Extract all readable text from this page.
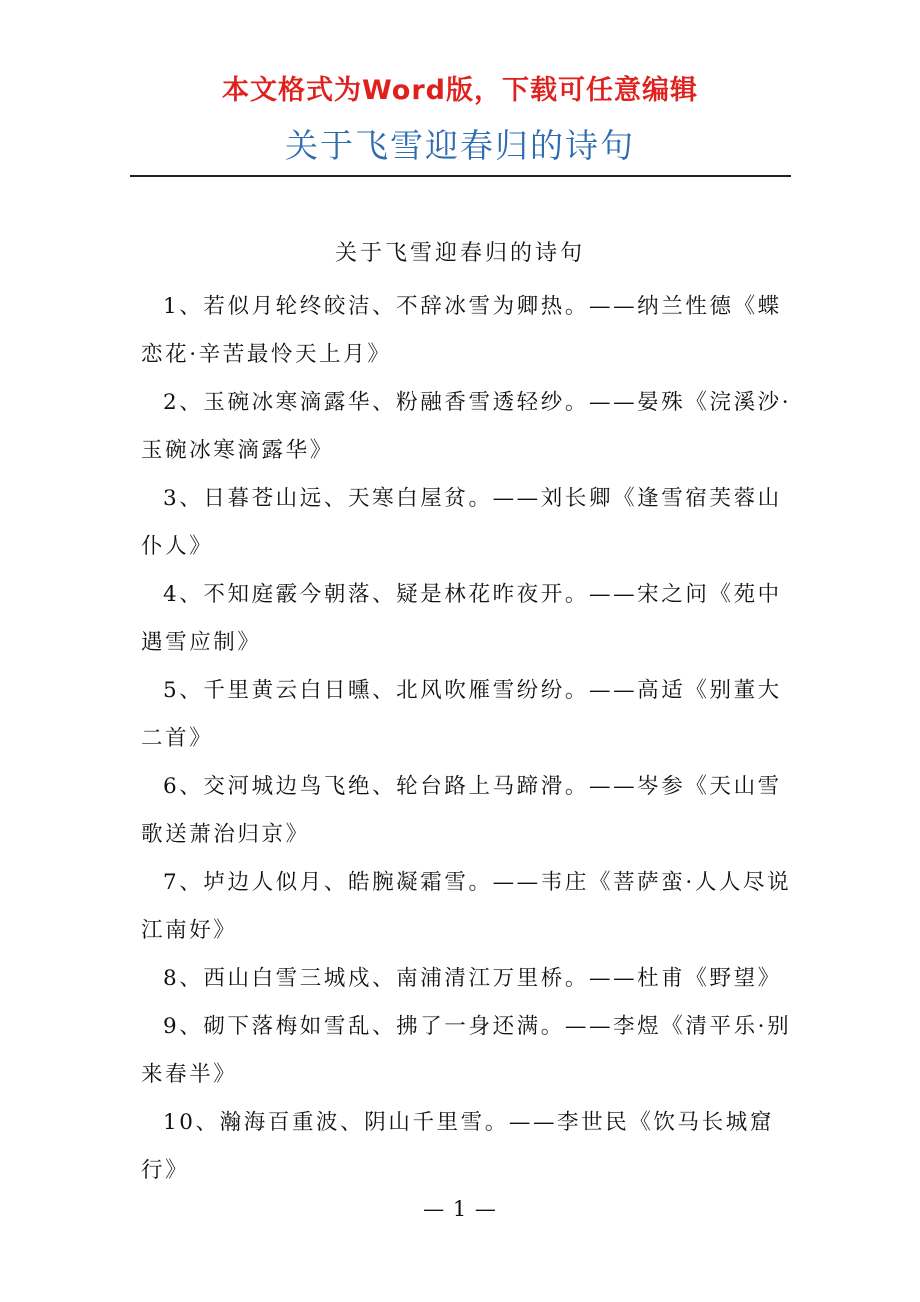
本文格式为Word版，下载可任意编辑
关于飞雪迎春归的诗句
关于飞雪迎春归的诗句
1、若似月轮终皎洁、不辞冰雪为卿热。——纳兰性德《蝶恋花·辛苦最怜天上月》
2、玉碗冰寒滴露华、粉融香雪透轻纱。——晏殊《浣溪沙·玉碗冰寒滴露华》
3、日暮苍山远、天寒白屋贫。——刘长卿《逢雪宿芙蓉山仆人》
4、不知庭霰今朝落、疑是林花昨夜开。——宋之问《苑中遇雪应制》
5、千里黄云白日曛、北风吹雁雪纷纷。——高适《别董大二首》
6、交河城边鸟飞绝、轮台路上马蹄滑。——岑参《天山雪歌送萧治归京》
7、垆边人似月、皓腕凝霜雪。——韦庄《菩萨蛮·人人尽说江南好》
8、西山白雪三城戍、南浦清江万里桥。——杜甫《野望》
9、砌下落梅如雪乱、拂了一身还满。——李煜《清平乐·别来春半》
10、瀚海百重波、阴山千里雪。——李世民《饮马长城窟行》
— 1 —
